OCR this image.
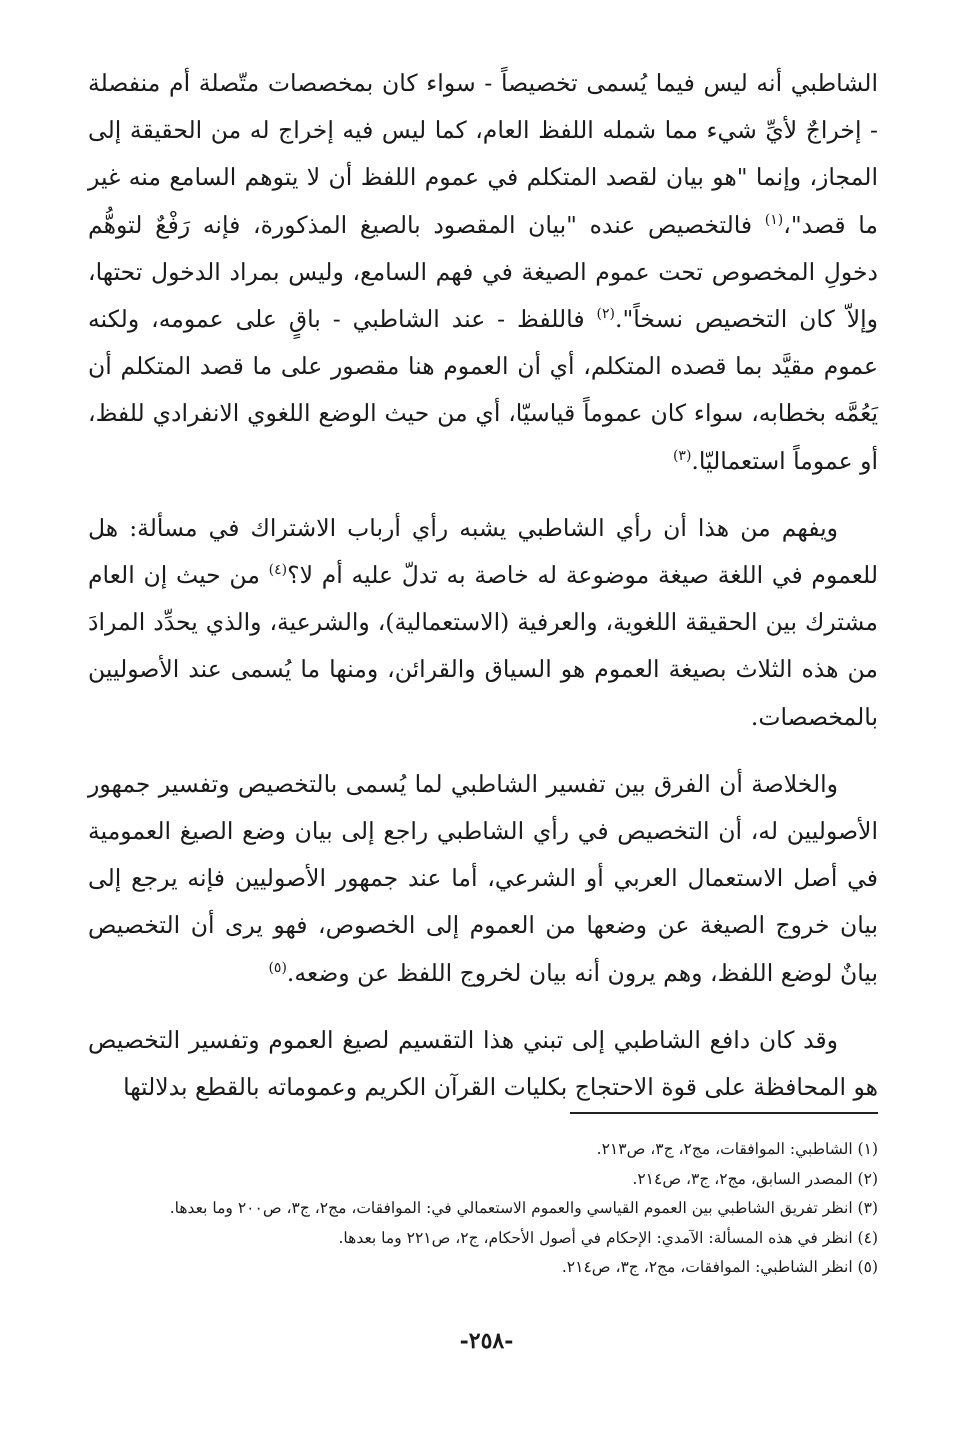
الشاطبي أنه ليس فيما يُسمى تخصيصاً - سواء كان بمخصصات متّصلة أم منفصلة - إخراجٌ لأيِّ شيء مما شمله اللفظ العام، كما ليس فيه إخراج له من الحقيقة إلى المجاز، وإنما "هو بيان لقصد المتكلم في عموم اللفظ أن لا يتوهم السامع منه غير ما قصد"،$^{(١)}$ فالتخصيص عنده "بيان المقصود بالصيغ المذكورة، فإنه رَفْعٌ لتوهُّم دخولِ المخصوص تحت عموم الصيغة في فهم السامع، وليس بمراد الدخول تحتها، وإلاّ كان التخصيص نسخاً".$^{(٢)}$ فاللفظ - عند الشاطبي - باقٍ على عمومه، ولكنه عموم مقيَّد بما قصده المتكلم، أي أن العموم هنا مقصور على ما قصد المتكلم أن يَعُمَّه بخطابه، سواء كان عموماً قياسيّا، أي من حيث الوضع اللغوي الانفرادي للفظ، أو عموماً استعماليّا.$^{(٣)}$

ويفهم من هذا أن رأي الشاطبي يشبه رأي أرباب الاشتراك في مسألة: هل للعموم في اللغة صيغة موضوعة له خاصة به تدلّ عليه أم لا؟$^{(٤)}$ من حيث إن العام مشترك بين الحقيقة اللغوية، والعرفية (الاستعمالية)، والشرعية، والذي يحدِّد المرادَ من هذه الثلاث بصيغة العموم هو السياق والقرائن، ومنها ما يُسمى عند الأصوليين بالمخصصات.

والخلاصة أن الفرق بين تفسير الشاطبي لما يُسمى بالتخصيص وتفسير جمهور الأصوليين له، أن التخصيص في رأي الشاطبي راجع إلى بيان وضع الصيغ العمومية في أصل الاستعمال العربي أو الشرعي، أما عند جمهور الأصوليين فإنه يرجع إلى بيان خروج الصيغة عن وضعها من العموم إلى الخصوص، فهو يرى أن التخصيص بيانٌ لوضع اللفظ، وهم يرون أنه بيان لخروج اللفظ عن وضعه.$^{(٥)}$

وقد كان دافع الشاطبي إلى تبني هذا التقسيم لصيغ العموم وتفسير التخصيص هو المحافظة على قوة الاحتجاج بكليات القرآن الكريم وعموماته بالقطع بدلالتها

(١) الشاطبي: الموافقات، مج٢، ج٣، ص٢١٣.
(٢) المصدر السابق، مج٢، ج٣، ص٢١٤.
(٣) انظر تفريق الشاطبي بين العموم القياسي والعموم الاستعمالي في: الموافقات، مج٢، ج٣، ص٢٠٠ وما بعدها.
(٤) انظر في هذه المسألة: الآمدي: الإحكام في أصول الأحكام، ج٢، ص٢٢١ وما بعدها.
(٥) انظر الشاطبي: الموافقات، مج٢، ج٣، ص٢١٤.
-٢٥٨-
